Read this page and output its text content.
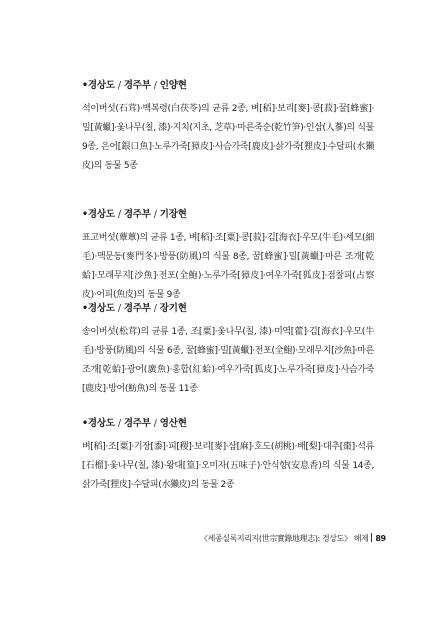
•경상도 / 경주부 / 인양현
석이버섯(石茸)·백복령(白茯苓)의 균류 2종, 벼[稻]·보리[麥]·콩[菽]·꿀[蜂蜜]·밀[黃蠟]·옻나무(칠, 漆)·지치(지초, 芝草)·마른죽순(乾竹笋)·인삼(人蔘)의 식물 9종, 은어[銀口魚]·노루가죽[獐皮]·사슴가죽[鹿皮]·삵가죽[狸皮]·수달피(水獺皮)의 동물 5종
•경상도 / 경주부 / 기장현
표고버섯(蕈蕈)의 균류 1종, 벼[稻]·조[粟]·콩[菽]·김[海衣]·우모(牛毛)·세모(細毛)·맥문동(麥門冬)·방풍(防風)의 식물 8종, 꿀[蜂蜜]·밀[黃蠟]·마른 조개[乾蛤]·모래무지[沙魚]·전포(全鮑)·노루가죽[獐皮]·여우가죽[狐皮]·점찰피(占察皮)·어피(魚皮)의 동물 9종
•경상도 / 경주부 / 장기현
송이버섯(松茸)의 균류 1종, 조[粟]·옻나무(칠, 漆)·미역[藿]·김[海衣]·우모(牛毛)·방풍(防風)의 식물 6종, 꿀[蜂蜜]·밀[黃蠟]·전포(全鮑)·모래무지[沙魚]·마른 조개[乾蛤]·광어(廣魚)·홍합(紅蛤)·여우가죽[狐皮]·노루가죽[獐皮]·사슴가죽[鹿皮]·방어(魴魚)의 동물 11종
•경상도 / 경주부 / 영산현
벼[稻]·조[粟]·기장[黍]·피[稷]·보리[麥]·삼[麻]·호도(胡桃)·배[梨]·대추[棗]·석류[石榴]·옻나무(칠, 漆)·왕대[篁]·오미자(五味子)·안식향(安息香)의 식물 14종, 삵가죽[狸皮]·수달피(水獺皮)의 동물 2종
《세종실록지리지(世宗實錄地理志): 경상도》 해제 89
